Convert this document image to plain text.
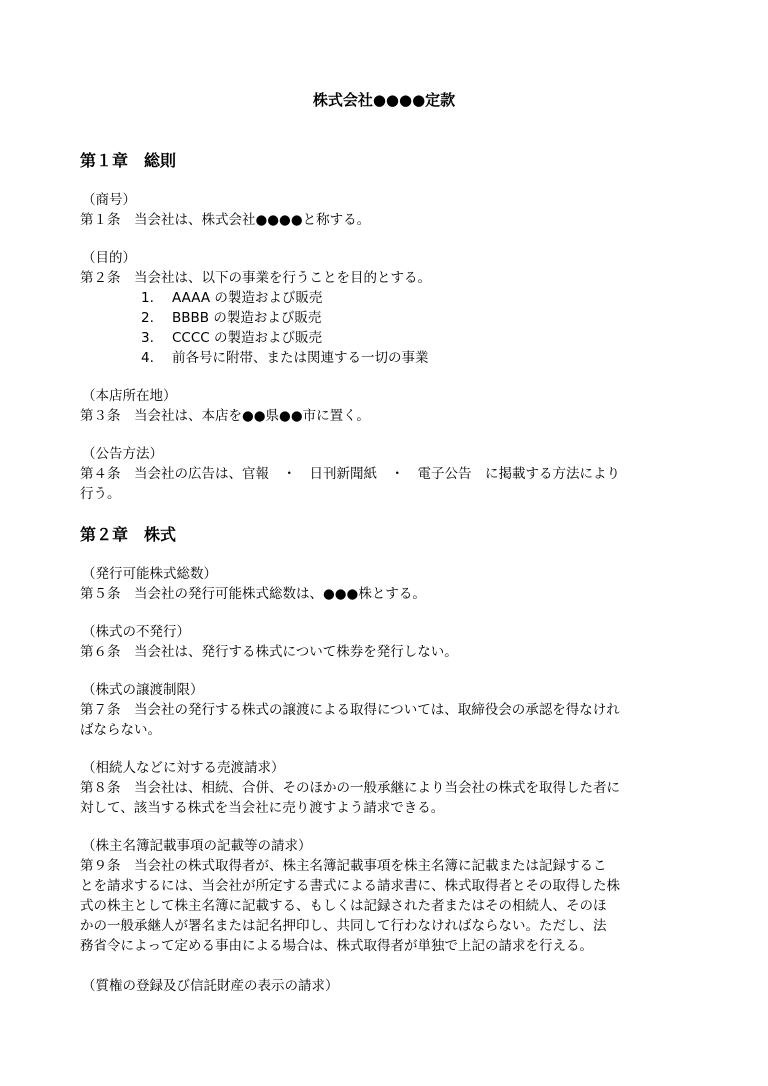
株式会社●●●●定款
第１章　総則
（商号）
第１条　当会社は、株式会社●●●●と称する。
（目的）
第２条　当会社は、以下の事業を行うことを目的とする。
1. AAAA の製造および販売
2. BBBB の製造および販売
3. CCCC の製造および販売
4. 前各号に附帯、または関連する一切の事業
（本店所在地）
第３条　当会社は、本店を●●県●●市に置く。
（公告方法）
第４条　当会社の広告は、官報　・　日刊新聞紙　・　電子公告　に掲載する方法により
行う。
第２章　株式
（発行可能株式総数）
第５条　当会社の発行可能株式総数は、●●●株とする。
（株式の不発行）
第６条　当会社は、発行する株式について株券を発行しない。
（株式の譲渡制限）
第７条　当会社の発行する株式の譲渡による取得については、取締役会の承認を得なけれ
ばならない。
（相続人などに対する売渡請求）
第８条　当会社は、相続、合併、そのほかの一般承継により当会社の株式を取得した者に
対して、該当する株式を当会社に売り渡すよう請求できる。
（株主名簿記載事項の記載等の請求）
第９条　当会社の株式取得者が、株主名簿記載事項を株主名簿に記載または記録するこ
とを請求するには、当会社が所定する書式による請求書に、株式取得者とその取得した株
式の株主として株主名簿に記載する、もしくは記録された者またはその相続人、そのほ
かの一般承継人が署名または記名押印し、共同して行わなければならない。ただし、法
務省令によって定める事由による場合は、株式取得者が単独で上記の請求を行える。
（質権の登録及び信託財産の表示の請求）
